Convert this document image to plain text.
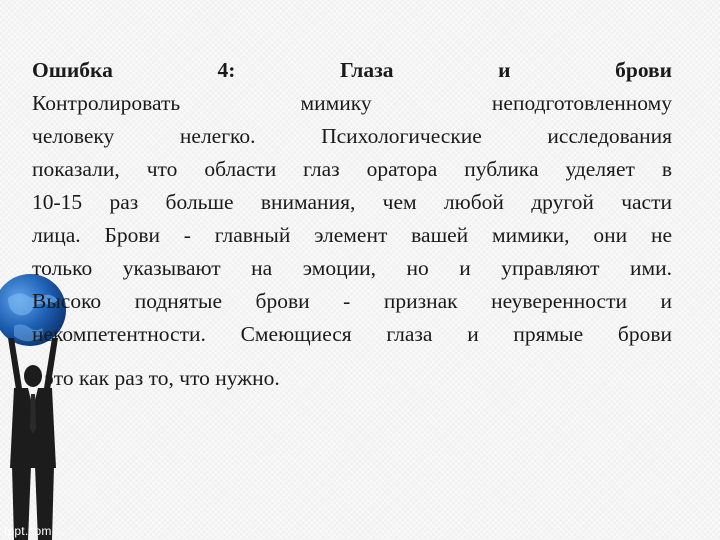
fppt.com
Ошибка	4:	Глаза	и	брови
Контролировать мимику неподготовленному
человеку нелегко. Психологические исследования
показали, что области глаз оратора публика уделяет в
10-15 раз больше внимания, чем любой другой части
лица. Брови - главный элемент вашей мимики, они не
только указывают на эмоции, но и управляют ими.
Высоко поднятые брови - признак неуверенности и
некомпетентности. Смеющиеся глаза и прямые брови
- это как раз то, что нужно.
